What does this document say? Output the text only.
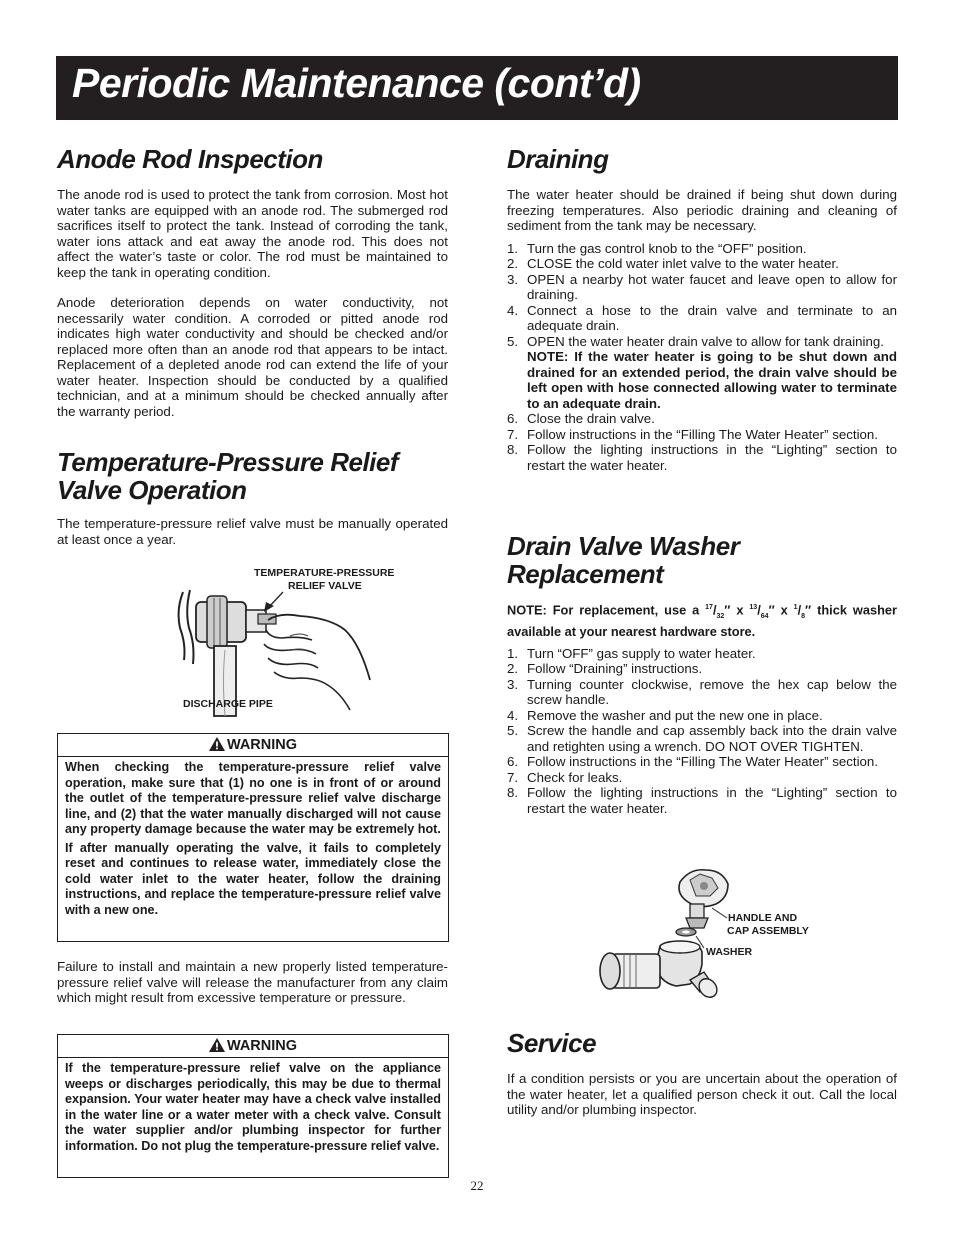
Periodic Maintenance (cont’d)
Anode Rod Inspection

The anode rod is used to protect the tank from corrosion. Most hot water tanks are equipped with an anode rod. The submerged rod sacrifices itself to protect the tank. Instead of corroding the tank, water ions attack and eat away the anode rod. This does not affect the water’s taste or color. The rod must be maintained to keep the tank in operating condition.

Anode deterioration depends on water conductivity, not necessarily water condition. A corroded or pitted anode rod indicates high water conductivity and should be checked and/or replaced more often than an anode rod that appears to be intact. Replacement of a depleted anode rod can extend the life of your water heater. Inspection should be conducted by a qualified technician, and at a minimum should be checked annually after the warranty period.

Temperature-Pressure Relief
Valve Operation

The temperature-pressure relief valve must be manually operated at least once a year.

TEMPERATURE-PRESSURE
RELIEF VALVE
DISCHARGE PIPE
WARNING

When checking the temperature-pressure relief valve operation, make sure that (1) no one is in front of or around the outlet of the temperature-pressure relief valve discharge line, and (2) that the water manually discharged will not cause any property damage because the water may be extremely hot.

If after manually operating the valve, it fails to completely reset and continues to release water, immediately close the cold water inlet to the water heater, follow the draining instructions, and replace the temperature-pressure relief valve with a new one.

Failure to install and maintain a new properly listed temperature-pressure relief valve will release the manufacturer from any claim which might result from excessive temperature or pressure.

WARNING

If the temperature-pressure relief valve on the appliance weeps or discharges periodically, this may be due to thermal expansion. Your water heater may have a check valve installed in the water line or a water meter with a check valve. Consult the water supplier and/or plumbing inspector for further information. Do not plug the temperature-pressure relief valve.

Draining

The water heater should be drained if being shut down during freezing temperatures. Also periodic draining and cleaning of sediment from the tank may be necessary.

1. Turn the gas control knob to the “OFF” position.
2. CLOSE the cold water inlet valve to the water heater.
3. OPEN a nearby hot water faucet and leave open to allow for draining.
4. Connect a hose to the drain valve and terminate to an adequate drain.
5. OPEN the water heater drain valve to allow for tank draining.
NOTE: If the water heater is going to be shut down and drained for an extended period, the drain valve should be left open with hose connected allowing water to terminate to an adequate drain.
6. Close the drain valve.
7. Follow instructions in the “Filling The Water Heater” section.
8. Follow the lighting instructions in the “Lighting” section to restart the water heater.
Drain Valve Washer
Replacement

NOTE: For replacement, use a $^{17}/_{32}''$ x $^{13}/_{64}''$ x $^1/_8''$ thick washer available at your nearest hardware store.

1. Turn “OFF” gas supply to water heater.
2. Follow “Draining” instructions.
3. Turning counter clockwise, remove the hex cap below the screw handle.
4. Remove the washer and put the new one in place.
5. Screw the handle and cap assembly back into the drain valve and retighten using a wrench. DO NOT OVER TIGHTEN.
6. Follow instructions in the “Filling The Water Heater” section.
7. Check for leaks.
8. Follow the lighting instructions in the “Lighting” section to restart the water heater.
HANDLE AND
CAP ASSEMBLY
WASHER
Service

If a condition persists or you are uncertain about the operation of the water heater, let a qualified person check it out. Call the local utility and/or plumbing inspector.

22
